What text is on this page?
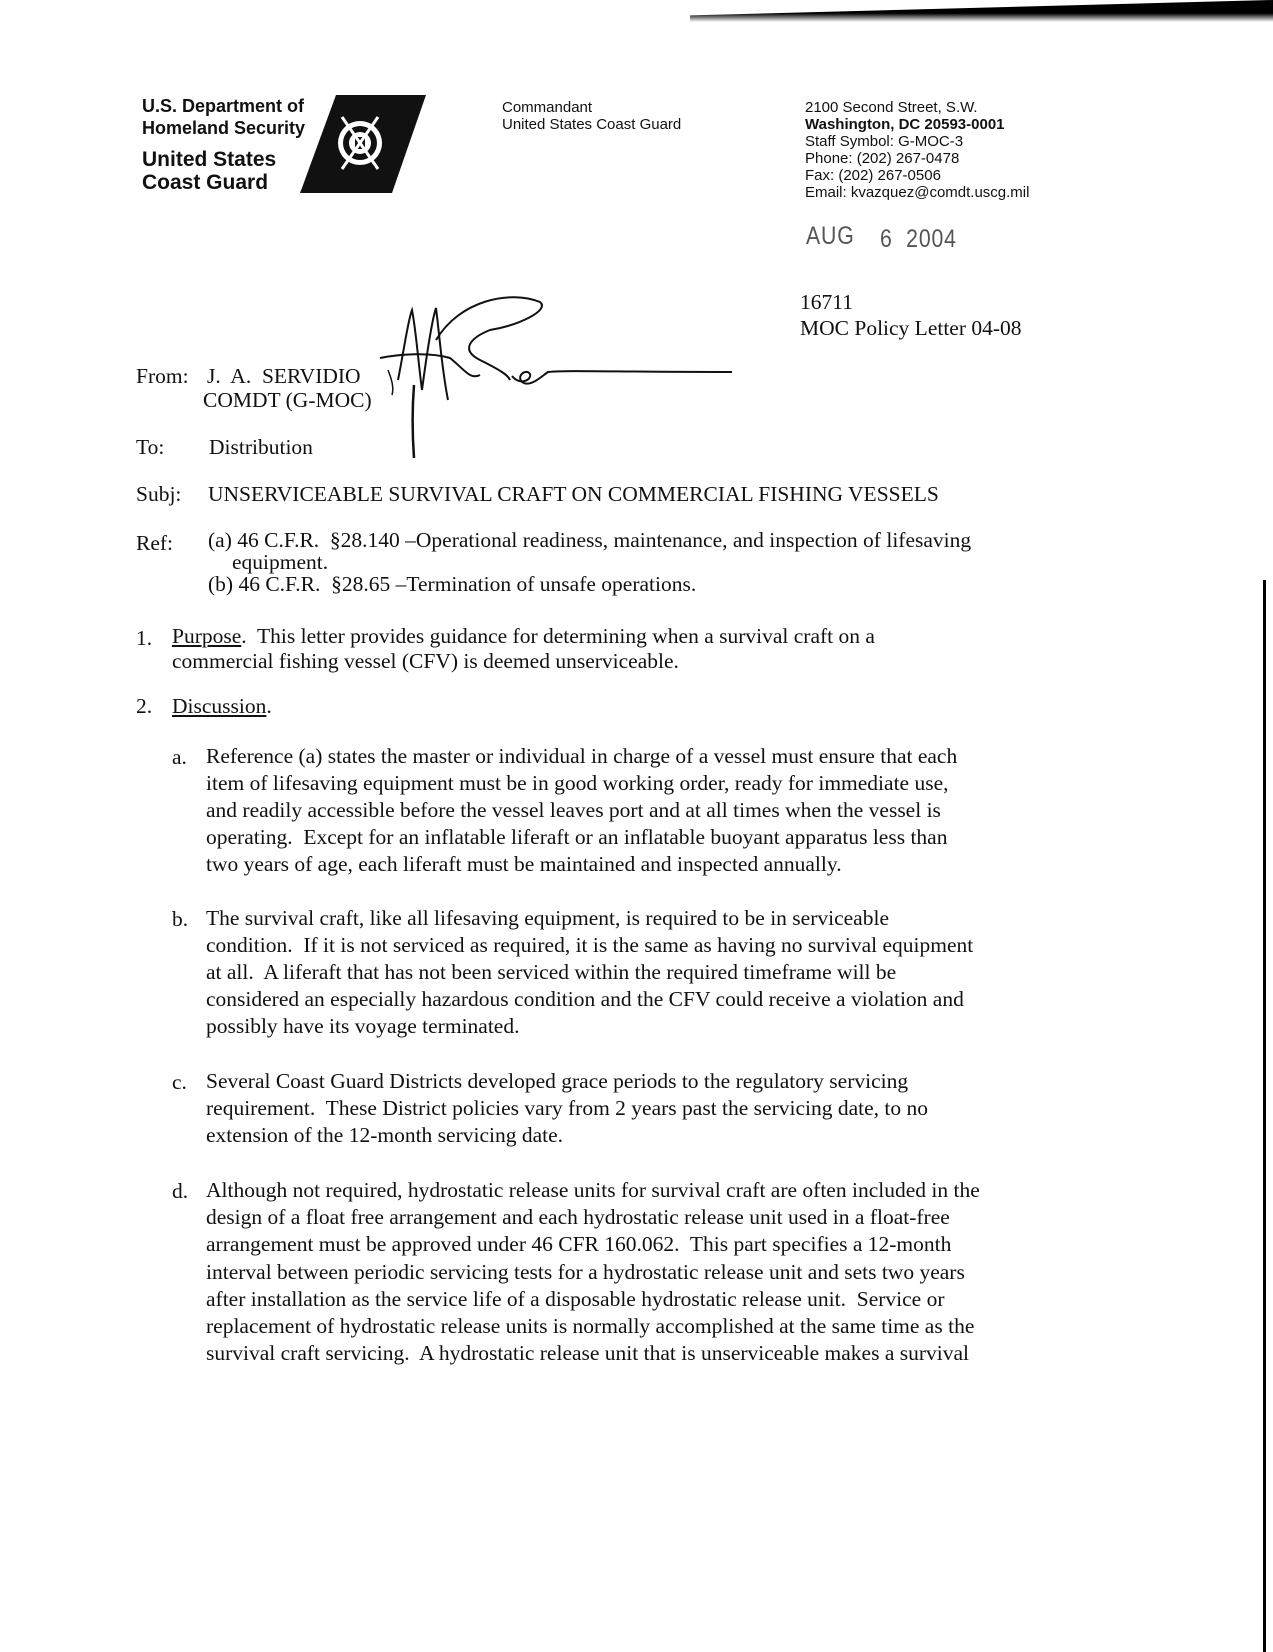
U.S. Department of
Homeland Security
United States
Coast Guard
Commandant
United States Coast Guard
2100 Second Street, S.W.
Washington, DC 20593-0001
Staff Symbol: G-MOC-3
Phone: (202) 267-0478
Fax: (202) 267-0506
Email: kvazquez@comdt.uscg.mil
AUG 6  2004
16711
MOC Policy Letter 04-08
From: J.  A.  SERVIDIO
COMDT (G-MOC)
To: Distribution
Subj: UNSERVICEABLE SURVIVAL CRAFT ON COMMERCIAL FISHING VESSELS
Ref: (a) 46 C.F.R.  §28.140 –Operational readiness, maintenance, and inspection of lifesaving
equipment.
(b) 46 C.F.R.  §28.65 –Termination of unsafe operations.
1. Purpose.  This letter provides guidance for determining when a survival craft on a
commercial fishing vessel (CFV) is deemed unserviceable.
2. Discussion.
a. Reference (a) states the master or individual in charge of a vessel must ensure that each
item of lifesaving equipment must be in good working order, ready for immediate use,
and readily accessible before the vessel leaves port and at all times when the vessel is
operating.  Except for an inflatable liferaft or an inflatable buoyant apparatus less than
two years of age, each liferaft must be maintained and inspected annually.
b. The survival craft, like all lifesaving equipment, is required to be in serviceable
condition.  If it is not serviced as required, it is the same as having no survival equipment
at all.  A liferaft that has not been serviced within the required timeframe will be
considered an especially hazardous condition and the CFV could receive a violation and
possibly have its voyage terminated.
c. Several Coast Guard Districts developed grace periods to the regulatory servicing
requirement.  These District policies vary from 2 years past the servicing date, to no
extension of the 12-month servicing date.
d. Although not required, hydrostatic release units for survival craft are often included in the
design of a float free arrangement and each hydrostatic release unit used in a float-free
arrangement must be approved under 46 CFR 160.062.  This part specifies a 12-month
interval between periodic servicing tests for a hydrostatic release unit and sets two years
after installation as the service life of a disposable hydrostatic release unit.  Service or
replacement of hydrostatic release units is normally accomplished at the same time as the
survival craft servicing.  A hydrostatic release unit that is unserviceable makes a survival
